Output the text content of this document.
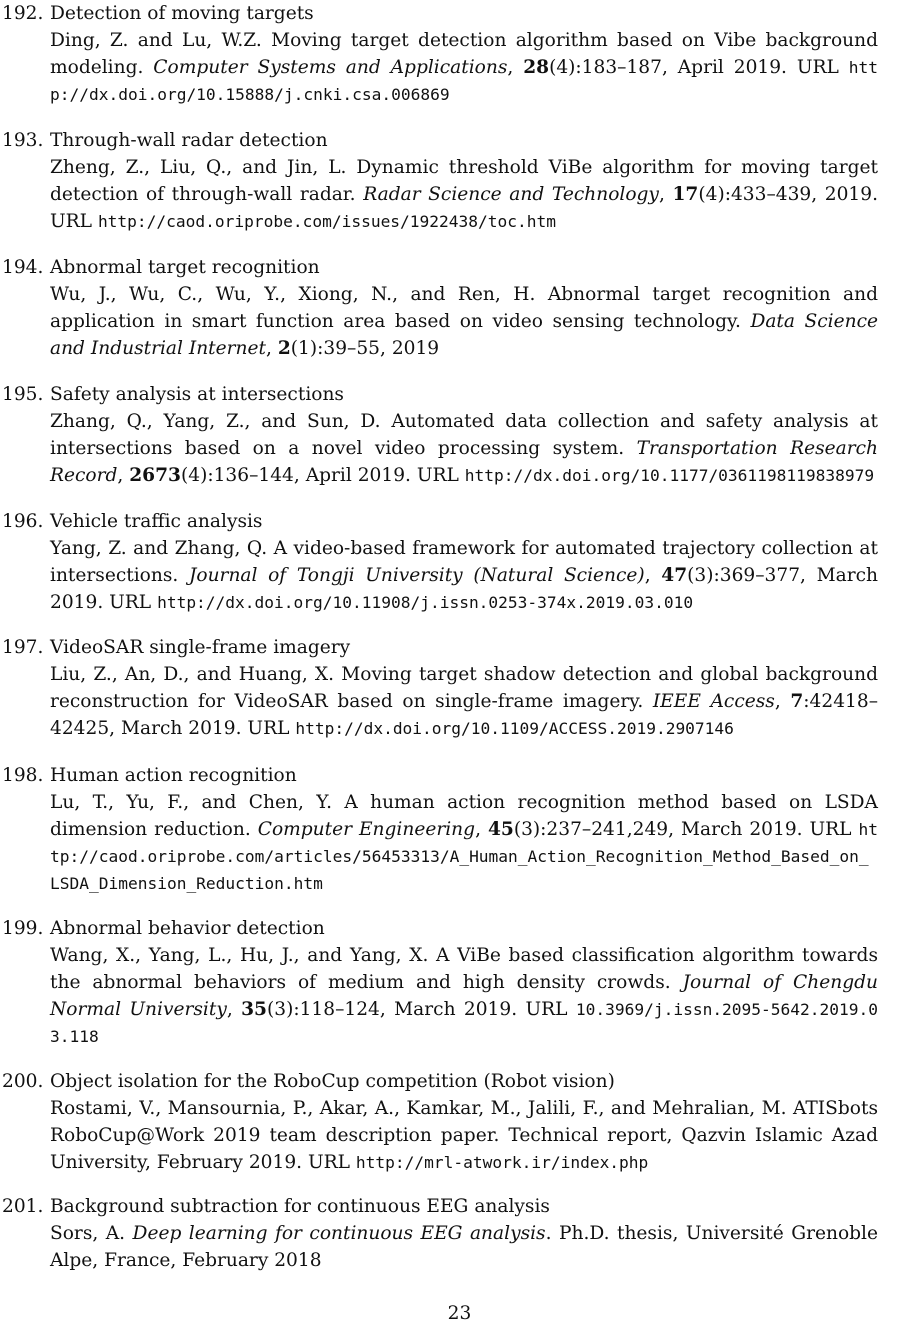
192. Detection of moving targets
Ding, Z. and Lu, W.Z. Moving target detection algorithm based on Vibe background modeling. Computer Systems and Applications, 28(4):183–187, April 2019. URL http://dx.doi.org/10.15888/j.cnki.csa.006869
193. Through-wall radar detection
Zheng, Z., Liu, Q., and Jin, L. Dynamic threshold ViBe algorithm for moving target detection of through-wall radar. Radar Science and Technology, 17(4):433–439, 2019. URL http://caod.oriprobe.com/issues/1922438/toc.htm
194. Abnormal target recognition
Wu, J., Wu, C., Wu, Y., Xiong, N., and Ren, H. Abnormal target recognition and application in smart function area based on video sensing technology. Data Science and Industrial Internet, 2(1):39–55, 2019
195. Safety analysis at intersections
Zhang, Q., Yang, Z., and Sun, D. Automated data collection and safety analysis at intersections based on a novel video processing system. Transportation Research Record, 2673(4):136–144, April 2019. URL http://dx.doi.org/10.1177/0361198119838979
196. Vehicle traffic analysis
Yang, Z. and Zhang, Q. A video-based framework for automated trajectory collection at intersections. Journal of Tongji University (Natural Science), 47(3):369–377, March 2019. URL http://dx.doi.org/10.11908/j.issn.0253-374x.2019.03.010
197. VideoSAR single-frame imagery
Liu, Z., An, D., and Huang, X. Moving target shadow detection and global background reconstruction for VideoSAR based on single-frame imagery. IEEE Access, 7:42418–42425, March 2019. URL http://dx.doi.org/10.1109/ACCESS.2019.2907146
198. Human action recognition
Lu, T., Yu, F., and Chen, Y. A human action recognition method based on LSDA dimension reduction. Computer Engineering, 45(3):237–241,249, March 2019. URL http://caod.oriprobe.com/articles/56453313/A_Human_Action_Recognition_Method_Based_on_LSDA_Dimension_Reduction.htm
199. Abnormal behavior detection
Wang, X., Yang, L., Hu, J., and Yang, X. A ViBe based classification algorithm towards the abnormal behaviors of medium and high density crowds. Journal of Chengdu Normal University, 35(3):118–124, March 2019. URL 10.3969/j.issn.2095-5642.2019.03.118
200. Object isolation for the RoboCup competition (Robot vision)
Rostami, V., Mansournia, P., Akar, A., Kamkar, M., Jalili, F., and Mehralian, M. ATISbots RoboCup@Work 2019 team description paper. Technical report, Qazvin Islamic Azad University, February 2019. URL http://mrl-atwork.ir/index.php
201. Background subtraction for continuous EEG analysis
Sors, A. Deep learning for continuous EEG analysis. Ph.D. thesis, Université Grenoble Alpe, France, February 2018
23
